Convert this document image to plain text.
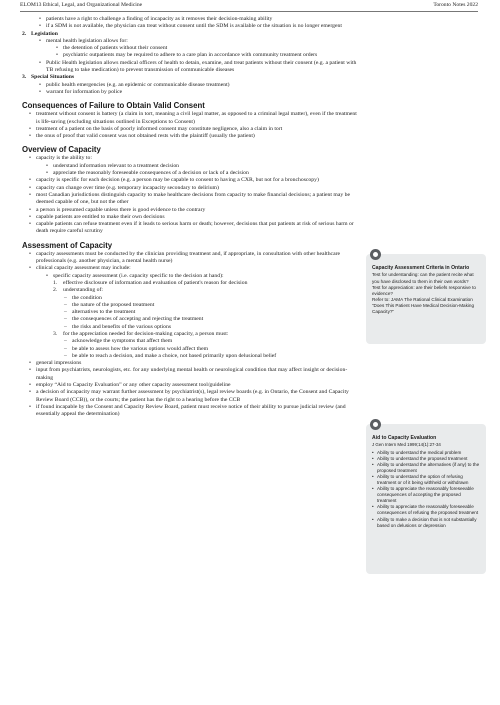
ELOM13 Ethical, Legal, and Organizational Medicine	Toronto Notes 2022
• patients have a right to challenge a finding of incapacity as it removes their decision-making ability
• if a SDM is not available, the physician can treat without consent until the SDM is available or the situation is no longer emergent
2. Legislation
• mental health legislation allows for:
• the detention of patients without their consent
• psychiatric outpatients may be required to adhere to a care plan in accordance with community treatment orders
• Public Health legislation allows medical officers of health to detain, examine, and treat patients without their consent (e.g. a patient with TB refusing to take medication) to prevent transmission of communicable diseases
3. Special Situations
• public health emergencies (e.g. an epidemic or communicable disease treatment)
• warrant for information by police
Consequences of Failure to Obtain Valid Consent
• treatment without consent is battery (a claim in tort, meaning a civil legal matter, as opposed to a criminal legal matter), even if the treatment is life-saving (excluding situations outlined in Exceptions to Consent)
• treatment of a patient on the basis of poorly informed consent may constitute negligence, also a claim in tort
• the onus of proof that valid consent was not obtained rests with the plaintiff (usually the patient)
Overview of Capacity
• capacity is the ability to:
• understand information relevant to a treatment decision
• appreciate the reasonably foreseeable consequences of a decision or lack of a decision
• capacity is specific for each decision (e.g. a person may be capable to consent to having a CXR, but not for a bronchoscopy)
• capacity can change over time (e.g. temporary incapacity secondary to delirium)
• most Canadian jurisdictions distinguish capacity to make healthcare decisions from capacity to make financial decisions; a patient may be deemed capable of one, but not the other
• a person is presumed capable unless there is good evidence to the contrary
• capable patients are entitled to make their own decisions
• capable patients can refuse treatment even if it leads to serious harm or death; however, decisions that put patients at risk of serious harm or death require careful scrutiny
Assessment of Capacity
• capacity assessments must be conducted by the clinician providing treatment and, if appropriate, in consultation with other healthcare professionals (e.g. another physician, a mental health nurse)
• clinical capacity assessment may include:
• specific capacity assessment (i.e. capacity specific to the decision at hand):
1. effective disclosure of information and evaluation of patient's reason for decision
2. understanding of:
– the condition
– the nature of the proposed treatment
– alternatives to the treatment
– the consequences of accepting and rejecting the treatment
– the risks and benefits of the various options
3. for the appreciation needed for decision-making capacity, a person must:
– acknowledge the symptoms that affect them
– be able to assess how the various options would affect them
– be able to reach a decision, and make a choice, not based primarily upon delusional belief
• general impressions
• input from psychiatrists, neurologists, etc. for any underlying mental health or neurological condition that may affect insight or decision-making
• employ “Aid to Capacity Evaluation” or any other capacity assessment tool/guideline
• a decision of incapacity may warrant further assessment by psychiatrist(s), legal review boards (e.g. in Ontario, the Consent and Capacity Review Board (CCB)), or the courts; the patient has the right to a hearing before the CCB
• if found incapable by the Consent and Capacity Review Board, patient must receive notice of their ability to pursue judicial review (and essentially appeal the determination)
Capacity Assessment Criteria in Ontario
Test for understanding: can the patient recite what you have disclosed to them in their own words?
Test for appreciation: are their beliefs responsive to evidence?
Refer to: JAMA The Rational Clinical Examination “Does This Patient Have Medical Decision-Making Capacity?”
Aid to Capacity Evaluation
J Gen Intern Med 1999;14(1):27-34
• Ability to understand the medical problem
• Ability to understand the proposed treatment
• Ability to understand the alternatives (if any) to the proposed treatment
• Ability to understand the option of refusing treatment or of it being withheld or withdrawn
• Ability to appreciate the reasonably foreseeable consequences of accepting the proposed treatment
• Ability to appreciate the reasonably foreseeable consequences of refusing the proposed treatment
• Ability to make a decision that is not substantially based on delusions or depression
